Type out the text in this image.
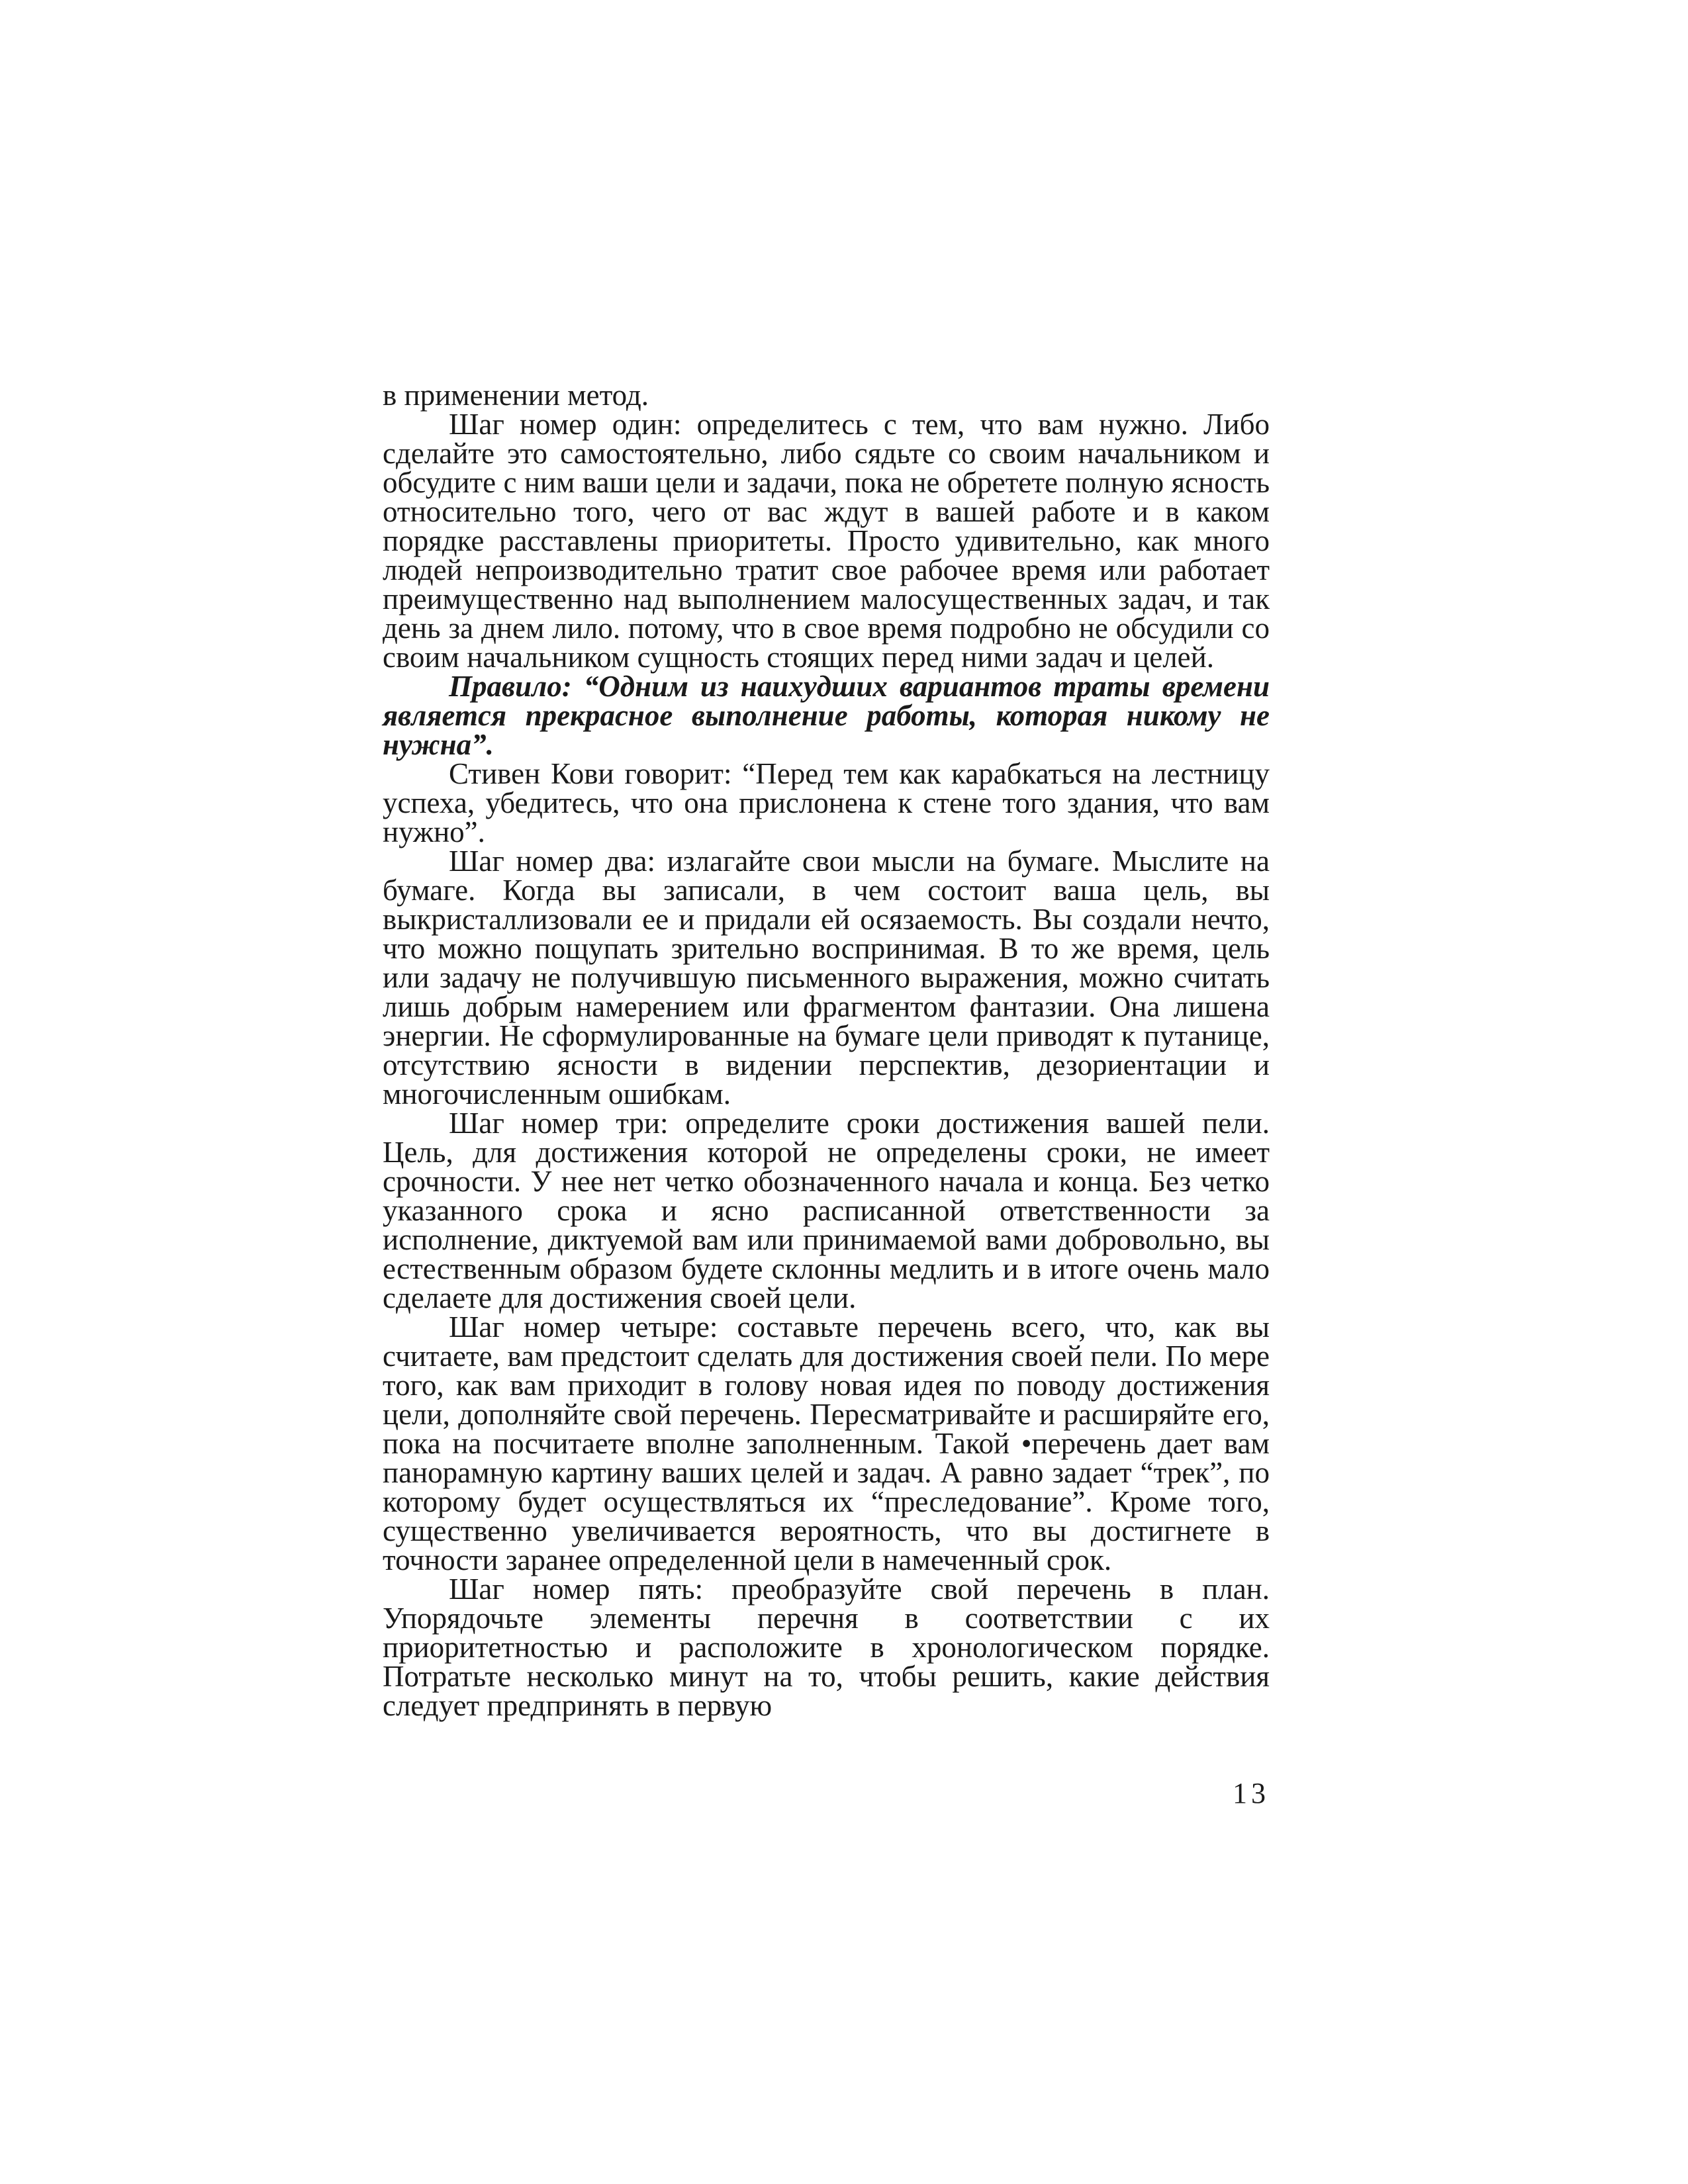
в применении метод.

Шаг номер один: определитесь с тем, что вам нужно. Либо сделайте это самостоятельно, либо сядьте со своим начальником и обсудите с ним ваши цели и задачи, пока не обретете полную ясность относительно того, чего от вас ждут в вашей работе и в каком порядке расставлены приоритеты. Просто удивительно, как много людей непроизводительно тратит свое рабочее время или работает преимущественно над выполнением малосущественных задач, и так день за днем лило. потому, что в свое время подробно не обсудили со своим начальником сущность стоящих перед ними задач и целей.

Правило: “Одним из наихудших вариантов траты времени является прекрасное выполнение работы, которая никому не нужна”.

Стивен Кови говорит: “Перед тем как карабкаться на лестницу успеха, убедитесь, что она прислонена к стене того здания, что вам нужно”.

Шаг номер два: излагайте свои мысли на бумаге. Мыслите на бумаге. Когда вы записали, в чем состоит ваша цель, вы выкристаллизовали ее и придали ей осязаемость. Вы создали нечто, что можно пощупать зрительно воспринимая. В то же время, цель или задачу не получившую письменного выражения, можно считать лишь добрым намерением или фрагментом фантазии. Она лишена энергии. Не сформулированные на бумаге цели приводят к путанице, отсутствию ясности в видении перспектив, дезориентации и многочисленным ошибкам.

Шаг номер три: определите сроки достижения вашей пели. Цель, для достижения которой не определены сроки, не имеет срочности. У нее нет четко обозначенного начала и конца. Без четко указанного срока и ясно расписанной ответственности за исполнение, диктуемой вам или принимаемой вами добровольно, вы естественным образом будете склонны медлить и в итоге очень мало сделаете для достижения своей цели.

Шаг номер четыре: составьте перечень всего, что, как вы считаете, вам предстоит сделать для достижения своей пели. По мере того, как вам приходит в голову новая идея по поводу достижения цели, дополняйте свой перечень. Пересматривайте и расширяйте его, пока на посчитаете вполне заполненным. Такой •перечень дает вам панорамную картину ваших целей и задач. А равно задает “трек”, по которому будет осуществляться их “преследование”. Кроме того, существенно увеличивается вероятность, что вы достигнете в точности заранее определенной цели в намеченный срок.

Шаг номер пять: преобразуйте свой перечень в план. Упорядочьте элементы перечня в соответствии с их приоритетностью и расположите в хронологическом порядке. Потратьте несколько минут на то, чтобы решить, какие действия следует предпринять в первую

13
